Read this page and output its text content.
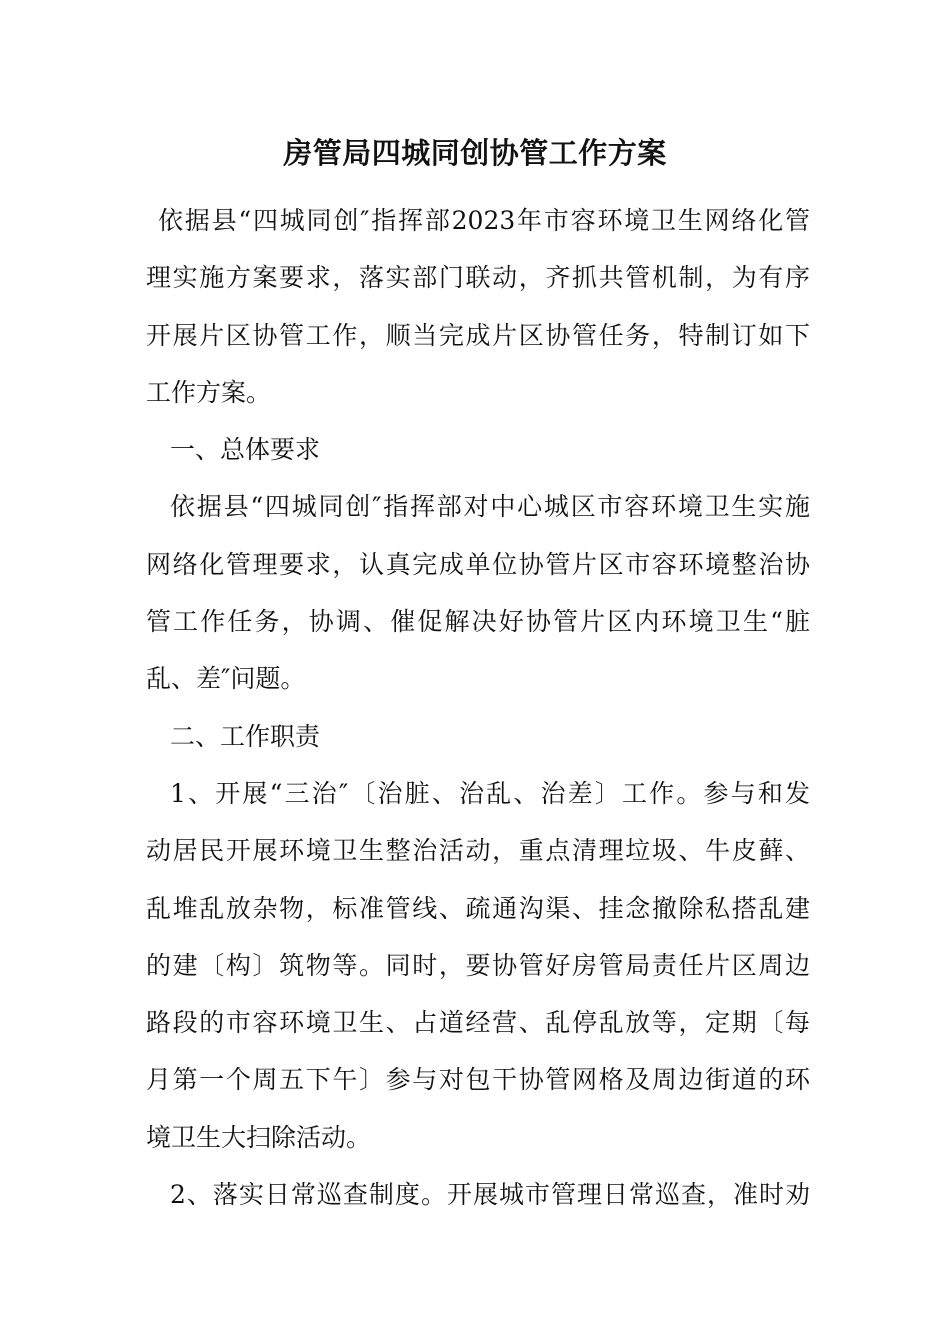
房管局四城同创协管工作方案
依据县“四城同创″指挥部2023年市容环境卫生网络化管
理实施方案要求，落实部门联动，齐抓共管机制，为有序
开展片区协管工作，顺当完成片区协管任务，特制订如下
工作方案。
一、总体要求
依据县“四城同创″指挥部对中心城区市容环境卫生实施
网络化管理要求，认真完成单位协管片区市容环境整治协
管工作任务，协调、催促解决好协管片区内环境卫生“脏
乱、差″问题。
二、工作职责
1、开展“三治″〔治脏、治乱、治差〕工作。参与和发
动居民开展环境卫生整治活动，重点清理垃圾、牛皮藓、
乱堆乱放杂物，标准管线、疏通沟渠、挂念撤除私搭乱建
的建〔构〕筑物等。同时，要协管好房管局责任片区周边
路段的市容环境卫生、占道经营、乱停乱放等，定期〔每
月第一个周五下午〕参与对包干协管网格及周边街道的环
境卫生大扫除活动。
2、落实日常巡查制度。开展城市管理日常巡查，准时劝
